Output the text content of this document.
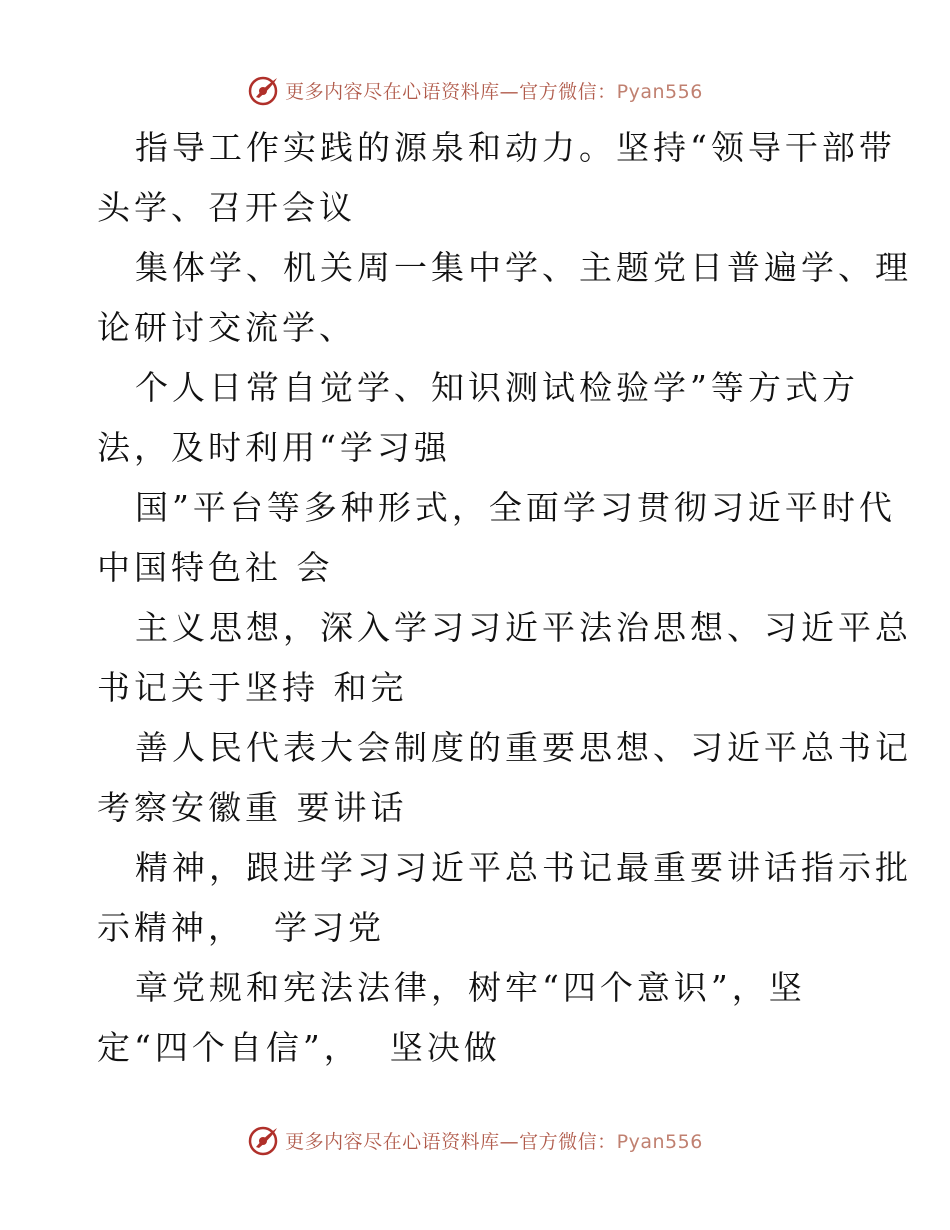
更多内容尽在心语资料库—官方微信：Pyan556
指导工作实践的源泉和动力。坚持“领导干部带
头学、召开会议
集体学、机关周一集中学、主题党日普遍学、理
论研讨交流学、
个人日常自觉学、知识测试检验学”等方式方
法，及时利用“学习强
国”平台等多种形式，全面学习贯彻习近平时代
中国特色社 会
主义思想，深入学习习近平法治思想、习近平总
书记关于坚持 和完
善人民代表大会制度的重要思想、习近平总书记
考察安徽重 要讲话
精神，跟进学习习近平总书记最重要讲话指示批
示精神，  学习党
章党规和宪法法律，树牢“四个意识”，坚
定“四个自信”，  坚决做
更多内容尽在心语资料库—官方微信：Pyan556
